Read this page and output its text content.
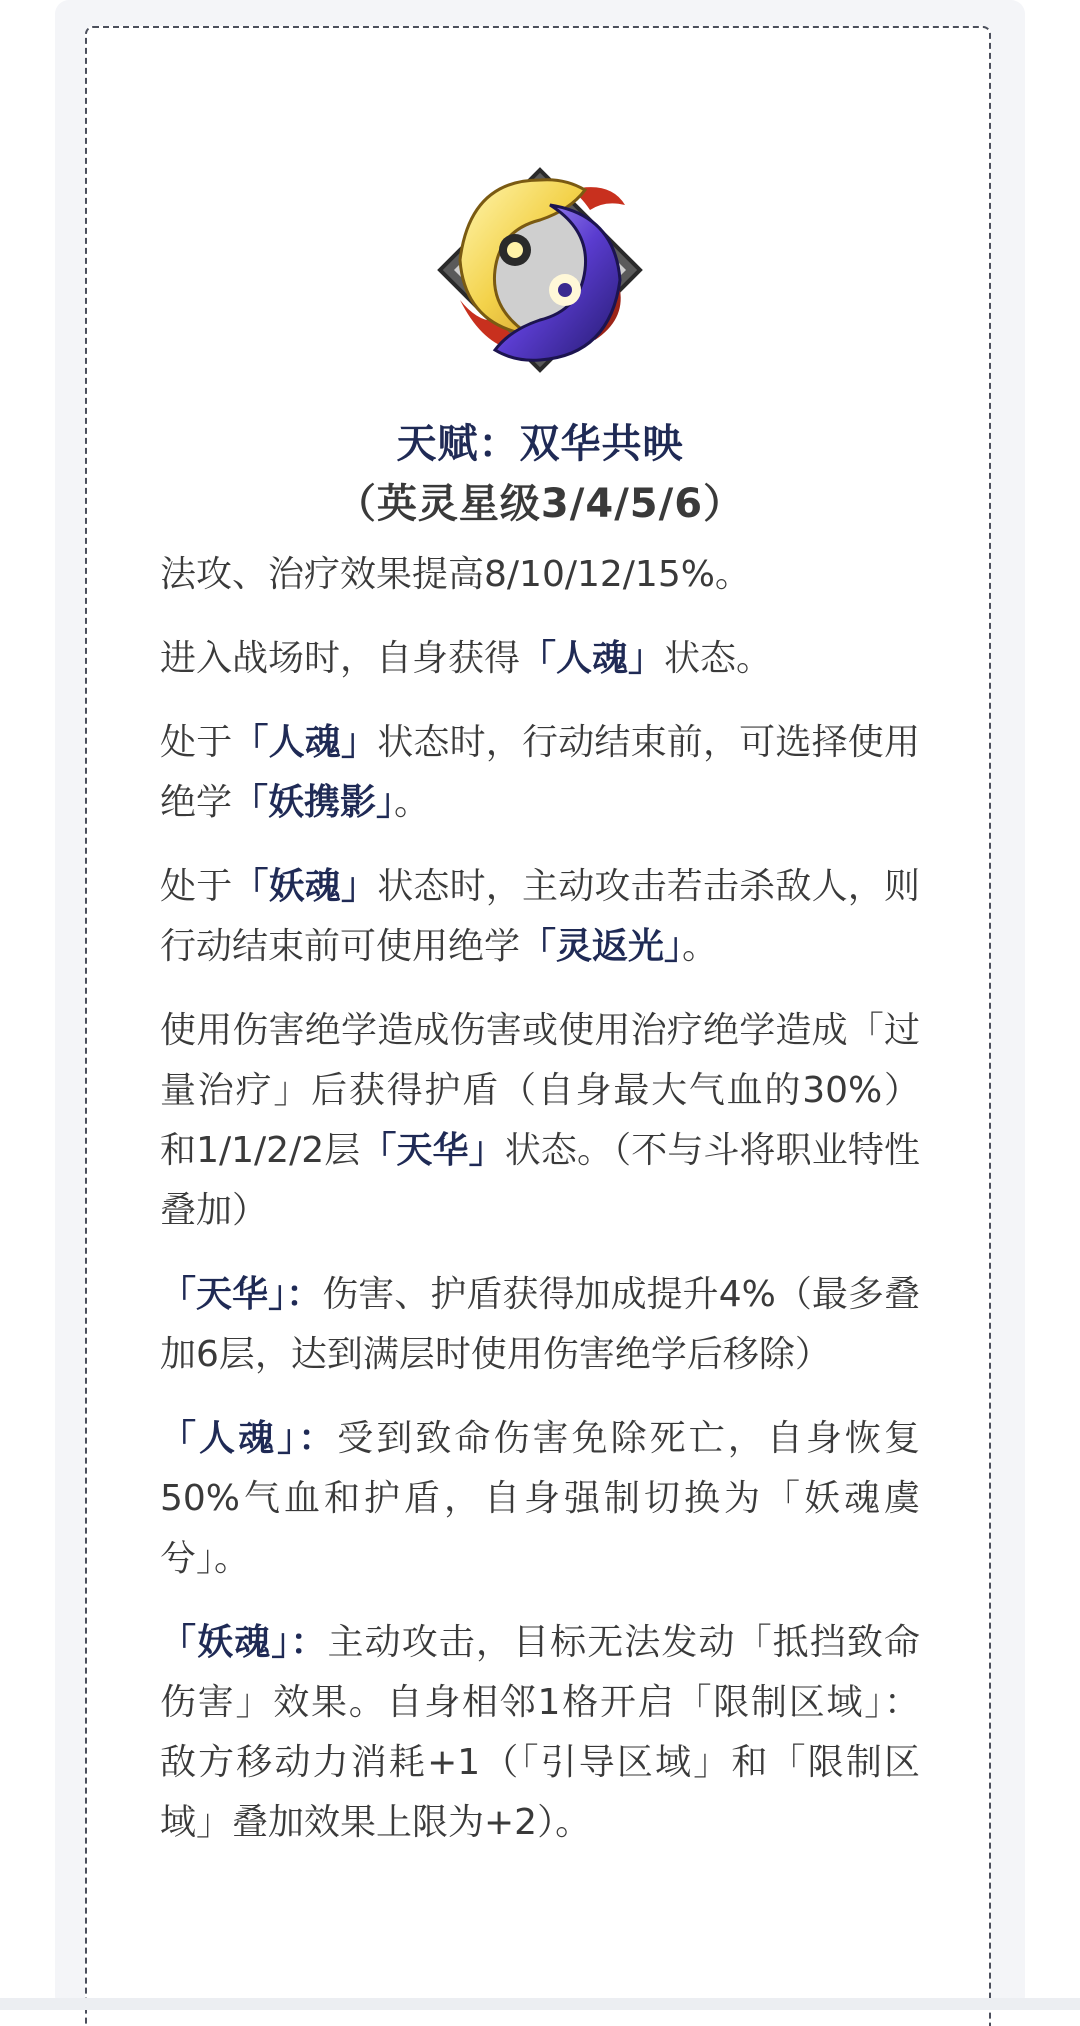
天赋：双华共映
（英灵星级3/4/5/6）

法攻、治疗效果提高8/10/12/15%。

进入战场时，自身获得「人魂」状态。

处于「人魂」状态时，行动结束前，可选择使用绝学「妖携影」。

处于「妖魂」状态时，主动攻击若击杀敌人，则行动结束前可使用绝学「灵返光」。

使用伤害绝学造成伤害或使用治疗绝学造成「过量治疗」后获得护盾（自身最大气血的30%）和1/1/2/2层「天华」状态。（不与斗将职业特性叠加）

「天华」：伤害、护盾获得加成提升4%（最多叠加6层，达到满层时使用伤害绝学后移除）

「人魂」：受到致命伤害免除死亡，自身恢复50%气血和护盾，自身强制切换为「妖魂虞兮」。

「妖魂」：主动攻击，目标无法发动「抵挡致命伤害」效果。自身相邻1格开启「限制区域」：敌方移动力消耗+1（「引导区域」和「限制区域」叠加效果上限为+2）。
